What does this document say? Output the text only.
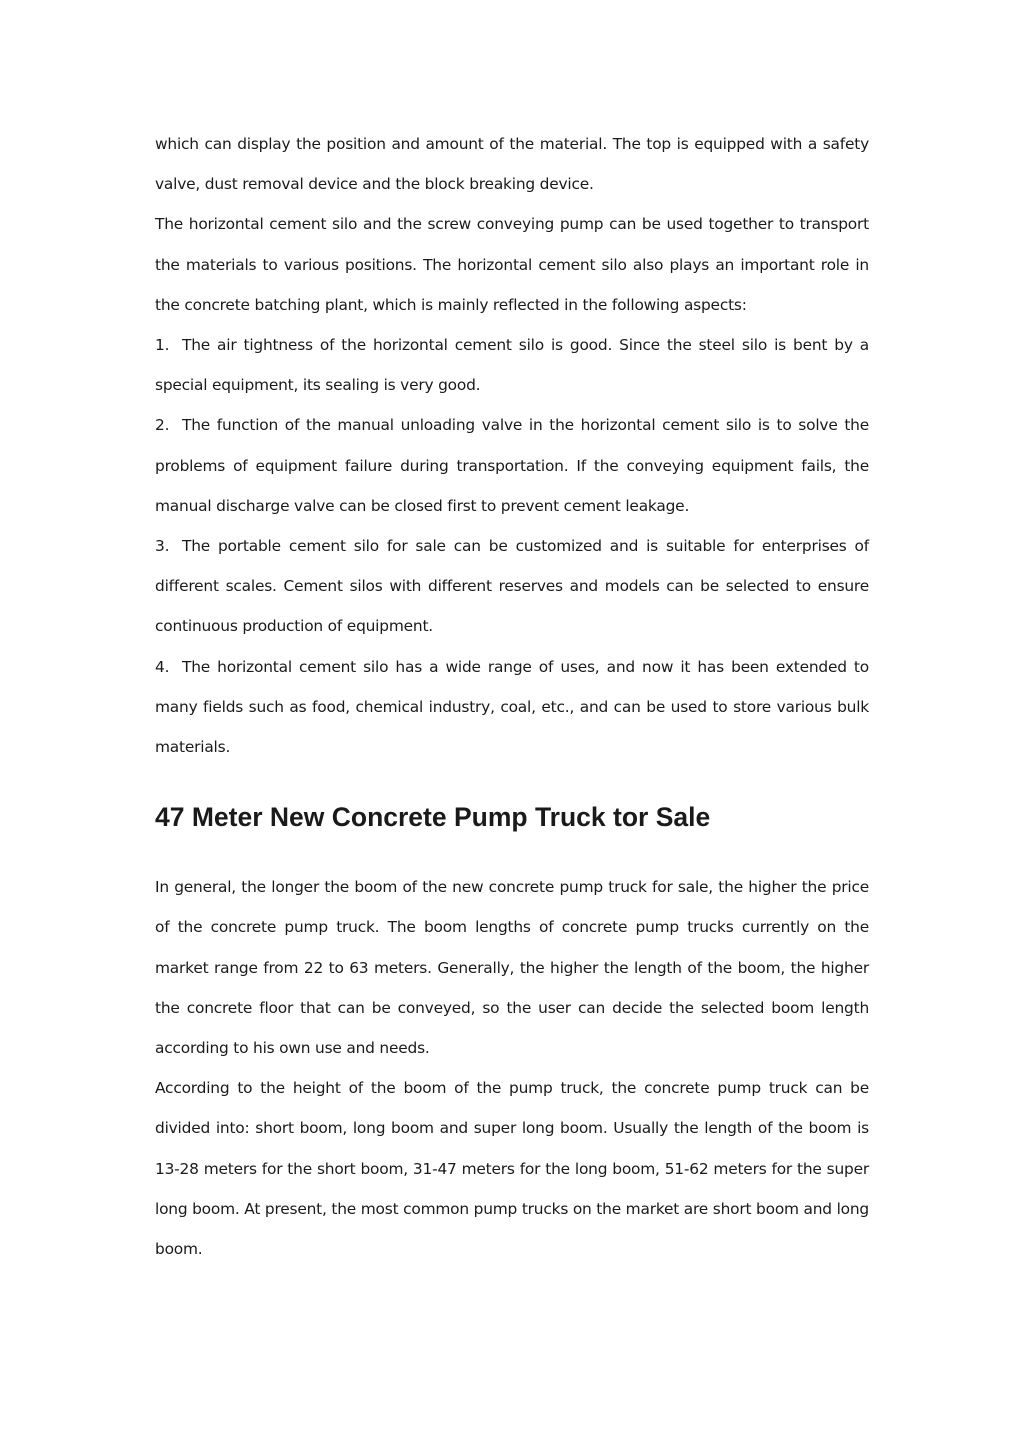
which can display the position and amount of the material. The top is equipped with a safety valve, dust removal device and the block breaking device.

The horizontal cement silo and the screw conveying pump can be used together to transport the materials to various positions. The horizontal cement silo also plays an important role in the concrete batching plant, which is mainly reflected in the following aspects:

1. The air tightness of the horizontal cement silo is good. Since the steel silo is bent by a special equipment, its sealing is very good.

2. The function of the manual unloading valve in the horizontal cement silo is to solve the problems of equipment failure during transportation. If the conveying equipment fails, the manual discharge valve can be closed first to prevent cement leakage.

3. The portable cement silo for sale can be customized and is suitable for enterprises of different scales. Cement silos with different reserves and models can be selected to ensure continuous production of equipment.

4. The horizontal cement silo has a wide range of uses, and now it has been extended to many fields such as food, chemical industry, coal, etc., and can be used to store various bulk materials.

47 Meter New Concrete Pump Truck tor Sale

In general, the longer the boom of the new concrete pump truck for sale, the higher the price of the concrete pump truck. The boom lengths of concrete pump trucks currently on the market range from 22 to 63 meters. Generally, the higher the length of the boom, the higher the concrete floor that can be conveyed, so the user can decide the selected boom length according to his own use and needs.

According to the height of the boom of the pump truck, the concrete pump truck can be divided into: short boom, long boom and super long boom. Usually the length of the boom is 13-28 meters for the short boom, 31-47 meters for the long boom, 51-62 meters for the super long boom. At present, the most common pump trucks on the market are short boom and long boom.
